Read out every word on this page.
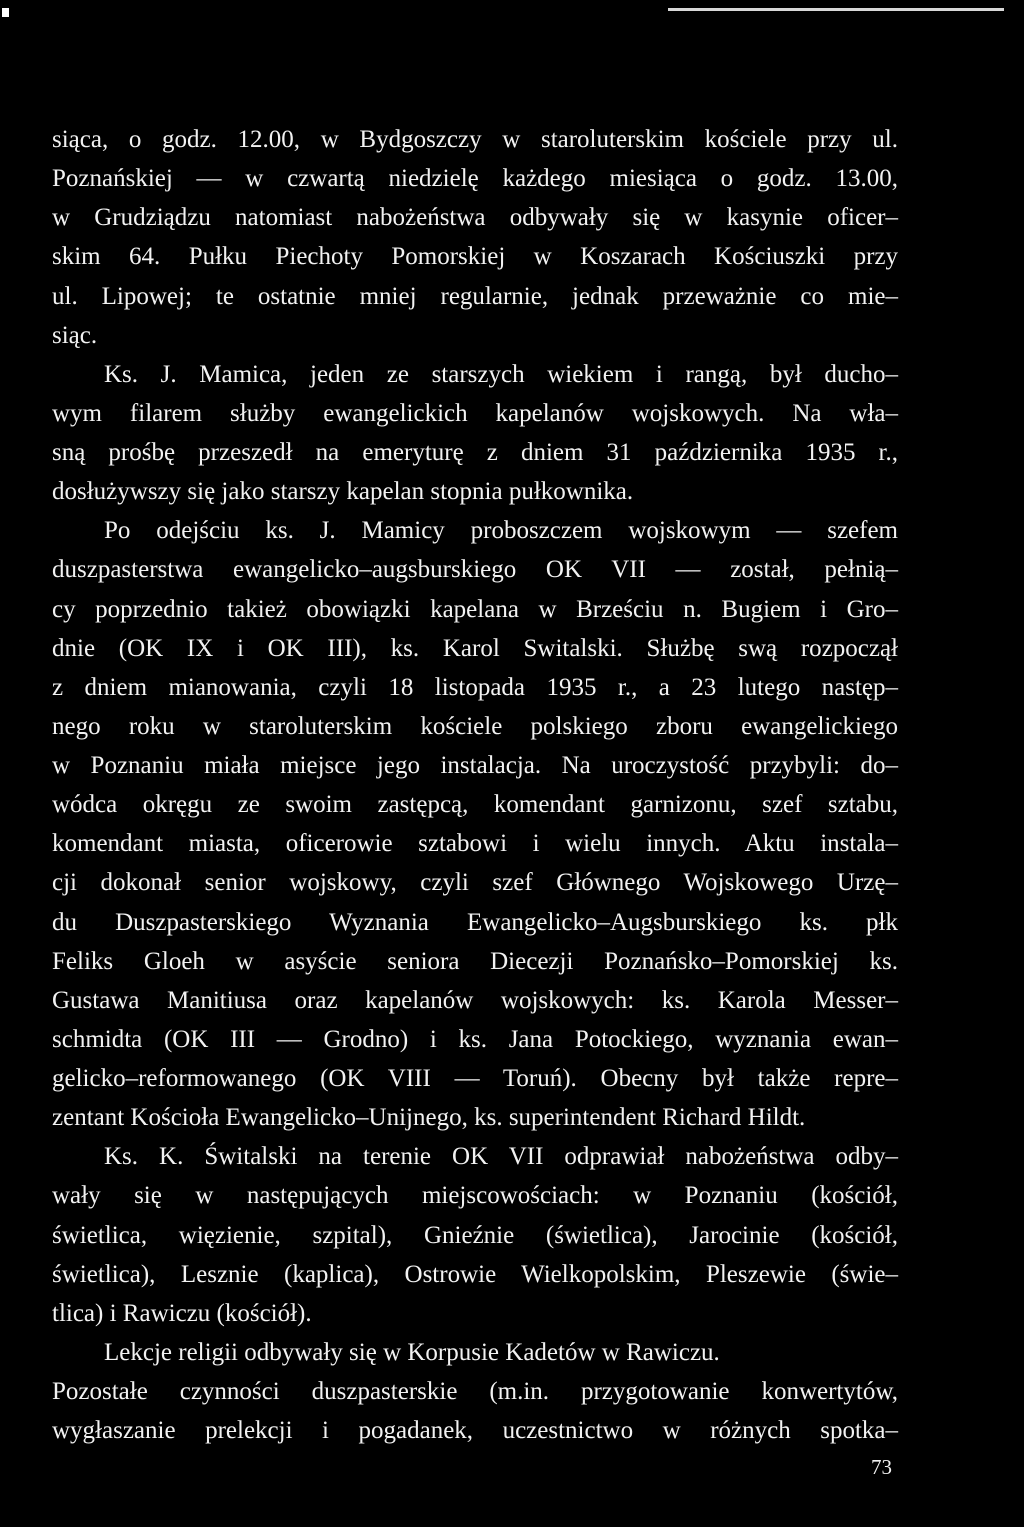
siąca, o godz. 12.00, w Bydgoszczy w staroluterskim kościele przy ul.
Poznańskiej — w czwartą niedzielę każdego miesiąca o godz. 13.00,
w Grudziądzu natomiast nabożeństwa odbywały się w kasynie oficer–
skim 64. Pułku Piechoty Pomorskiej w Koszarach Kościuszki przy
ul. Lipowej; te ostatnie mniej regularnie, jednak przeważnie co mie–
siąc.
Ks. J. Mamica, jeden ze starszych wiekiem i rangą, był ducho–
wym filarem służby ewangelickich kapelanów wojskowych. Na wła–
sną prośbę przeszedł na emeryturę z dniem 31 października 1935 r.,
dosłużywszy się jako starszy kapelan stopnia pułkownika.
Po odejściu ks. J. Mamicy proboszczem wojskowym — szefem
duszpasterstwa ewangelicko–augsburskiego OK VII — został, pełnią–
cy poprzednio takież obowiązki kapelana w Brześciu n. Bugiem i Gro–
dnie (OK IX i OK III), ks. Karol Switalski. Służbę swą rozpoczął
z dniem mianowania, czyli 18 listopada 1935 r., a 23 lutego następ–
nego roku w staroluterskim kościele polskiego zboru ewangelickiego
w Poznaniu miała miejsce jego instalacja. Na uroczystość przybyli: do–
wódca okręgu ze swoim zastępcą, komendant garnizonu, szef sztabu,
komendant miasta, oficerowie sztabowi i wielu innych. Aktu instala–
cji dokonał senior wojskowy, czyli szef Głównego Wojskowego Urzę–
du Duszpasterskiego Wyznania Ewangelicko–Augsburskiego ks. płk
Feliks Gloeh w asyście seniora Diecezji Poznańsko–Pomorskiej ks.
Gustawa Manitiusa oraz kapelanów wojskowych: ks. Karola Messer–
schmidta (OK III — Grodno) i ks. Jana Potockiego, wyznania ewan–
gelicko–reformowanego (OK VIII — Toruń). Obecny był także repre–
zentant Kościoła Ewangelicko–Unijnego, ks. superintendent Richard Hildt.
Ks. K. Świtalski na terenie OK VII odprawiał nabożeństwa odby–
wały się w następujących miejscowościach: w Poznaniu (kościół,
świetlica, więzienie, szpital), Gnieźnie (świetlica), Jarocinie (kościół,
świetlica), Lesznie (kaplica), Ostrowie Wielkopolskim, Pleszewie (świe–
tlica) i Rawiczu (kościół).
Lekcje religii odbywały się w Korpusie Kadetów w Rawiczu.
Pozostałe czynności duszpasterskie (m.in. przygotowanie konwertytów,
wygłaszanie prelekcji i pogadanek, uczestnictwo w różnych spotka–
73
